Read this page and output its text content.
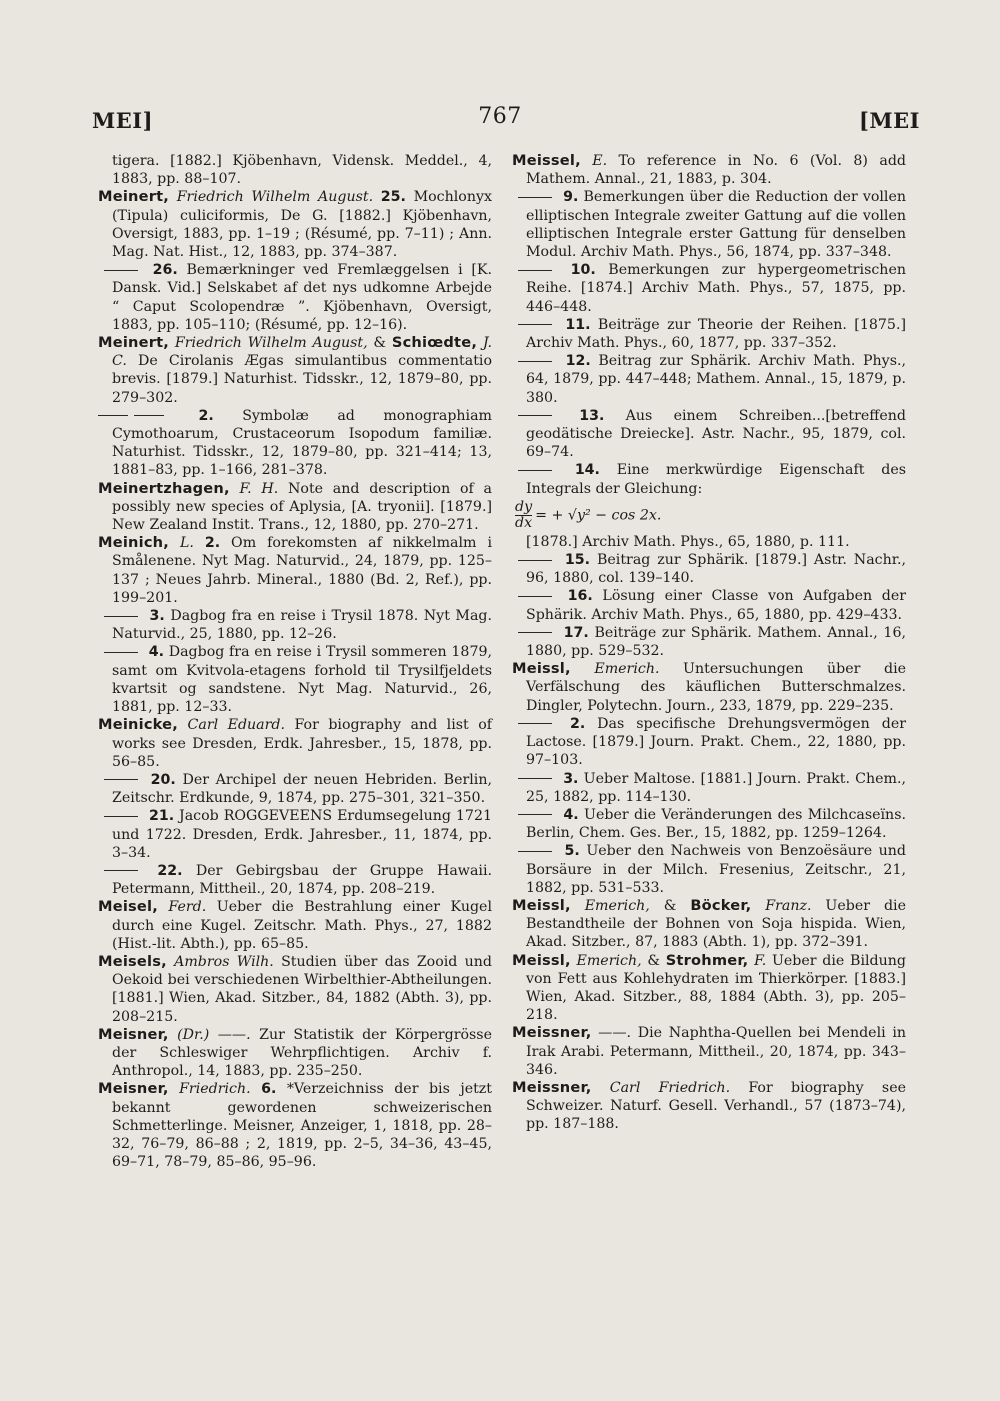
MEI]	767	[MEI
tigera. [1882.] Kjöbenhavn, Vidensk. Meddel., 4, 1883, pp. 88–107.
Meinert, Friedrich Wilhelm August. 25. Mochlonyx (Tipula) culiciformis, De G. [1882.] Kjöbenhavn, Oversigt, 1883, pp. 1–19 ; (Résumé, pp. 7–11) ; Ann. Mag. Nat. Hist., 12, 1883, pp. 374–387.
26. Bemærkninger ved Fremlæggelsen i [K. Dansk. Vid.] Selskabet af det nys udkomne Arbejde “ Caput Scolopendræ ”. Kjöbenhavn, Oversigt, 1883, pp. 105–110; (Résumé, pp. 12–16).
Meinert, Friedrich Wilhelm August, & Schiœdte, J. C. De Cirolanis Ægas simulantibus commentatio brevis. [1879.] Naturhist. Tidsskr., 12, 1879–80, pp. 279–302.
2. Symbolæ ad monographiam Cymothoarum, Crustaceorum Isopodum familiæ. Naturhist. Tidsskr., 12, 1879–80, pp. 321–414; 13, 1881–83, pp. 1–166, 281–378.
Meinertzhagen, F. H. Note and description of a possibly new species of Aplysia, [A. tryonii]. [1879.] New Zealand Instit. Trans., 12, 1880, pp. 270–271.
Meinich, L. 2. Om forekomsten af nikkelmalm i Smålenene. Nyt Mag. Naturvid., 24, 1879, pp. 125–137 ; Neues Jahrb. Mineral., 1880 (Bd. 2, Ref.), pp. 199–201.
3. Dagbog fra en reise i Trysil 1878. Nyt Mag. Naturvid., 25, 1880, pp. 12–26.
4. Dagbog fra en reise i Trysil sommeren 1879, samt om Kvitvola-etagens forhold til Trysilfjeldets kvartsit og sandstene. Nyt Mag. Naturvid., 26, 1881, pp. 12–33.
Meinicke, Carl Eduard. For biography and list of works see Dresden, Erdk. Jahresber., 15, 1878, pp. 56–85.
20. Der Archipel der neuen Hebriden. Berlin, Zeitschr. Erdkunde, 9, 1874, pp. 275–301, 321–350.
21. Jacob ROGGEVEENS Erdumsegelung 1721 und 1722. Dresden, Erdk. Jahresber., 11, 1874, pp. 3–34.
22. Der Gebirgsbau der Gruppe Hawaii. Petermann, Mittheil., 20, 1874, pp. 208–219.
Meisel, Ferd. Ueber die Bestrahlung einer Kugel durch eine Kugel. Zeitschr. Math. Phys., 27, 1882 (Hist.-lit. Abth.), pp. 65–85.
Meisels, Ambros Wilh. Studien über das Zooid und Oekoid bei verschiedenen Wirbelthier-Abtheilungen. [1881.] Wien, Akad. Sitzber., 84, 1882 (Abth. 3), pp. 208–215.
Meisner, (Dr.) ——. Zur Statistik der Körpergrösse der Schleswiger Wehrpflichtigen. Archiv f. Anthropol., 14, 1883, pp. 235–250.
Meisner, Friedrich. 6. *Verzeichniss der bis jetzt bekannt gewordenen schweizerischen Schmetterlinge. Meisner, Anzeiger, 1, 1818, pp. 28–32, 76–79, 86–88 ; 2, 1819, pp. 2–5, 34–36, 43–45, 69–71, 78–79, 85–86, 95–96.
Meissel, E. To reference in No. 6 (Vol. 8) add Mathem. Annal., 21, 1883, p. 304.
9. Bemerkungen über die Reduction der vollen elliptischen Integrale zweiter Gattung auf die vollen elliptischen Integrale erster Gattung für denselben Modul. Archiv Math. Phys., 56, 1874, pp. 337–348.
10. Bemerkungen zur hypergeometrischen Reihe. [1874.] Archiv Math. Phys., 57, 1875, pp. 446–448.
11. Beiträge zur Theorie der Reihen. [1875.] Archiv Math. Phys., 60, 1877, pp. 337–352.
12. Beitrag zur Sphärik. Archiv Math. Phys., 64, 1879, pp. 447–448; Mathem. Annal., 15, 1879, p. 380.
13. Aus einem Schreiben...[betreffend geodätische Dreiecke]. Astr. Nachr., 95, 1879, col. 69–74.
14. Eine merkwürdige Eigenschaft des Integrals der Gleichung:
$\frac{dy}{dx}$ = + √y² − cos 2x.
[1878.] Archiv Math. Phys., 65, 1880, p. 111.
15. Beitrag zur Sphärik. [1879.] Astr. Nachr., 96, 1880, col. 139–140.
16. Lösung einer Classe von Aufgaben der Sphärik. Archiv Math. Phys., 65, 1880, pp. 429–433.
17. Beiträge zur Sphärik. Mathem. Annal., 16, 1880, pp. 529–532.
Meissl, Emerich. Untersuchungen über die Verfälschung des käuflichen Butterschmalzes. Dingler, Polytechn. Journ., 233, 1879, pp. 229–235.
2. Das specifische Drehungsvermögen der Lactose. [1879.] Journ. Prakt. Chem., 22, 1880, pp. 97–103.
3. Ueber Maltose. [1881.] Journ. Prakt. Chem., 25, 1882, pp. 114–130.
4. Ueber die Veränderungen des Milchcaseïns. Berlin, Chem. Ges. Ber., 15, 1882, pp. 1259–1264.
5. Ueber den Nachweis von Benzoësäure und Borsäure in der Milch. Fresenius, Zeitschr., 21, 1882, pp. 531–533.
Meissl, Emerich, & Böcker, Franz. Ueber die Bestandtheile der Bohnen von Soja hispida. Wien, Akad. Sitzber., 87, 1883 (Abth. 1), pp. 372–391.
Meissl, Emerich, & Strohmer, F. Ueber die Bildung von Fett aus Kohlehydraten im Thierkörper. [1883.] Wien, Akad. Sitzber., 88, 1884 (Abth. 3), pp. 205–218.
Meissner, ——. Die Naphtha-Quellen bei Mendeli in Irak Arabi. Petermann, Mittheil., 20, 1874, pp. 343–346.
Meissner, Carl Friedrich. For biography see Schweizer. Naturf. Gesell. Verhandl., 57 (1873–74), pp. 187–188.
